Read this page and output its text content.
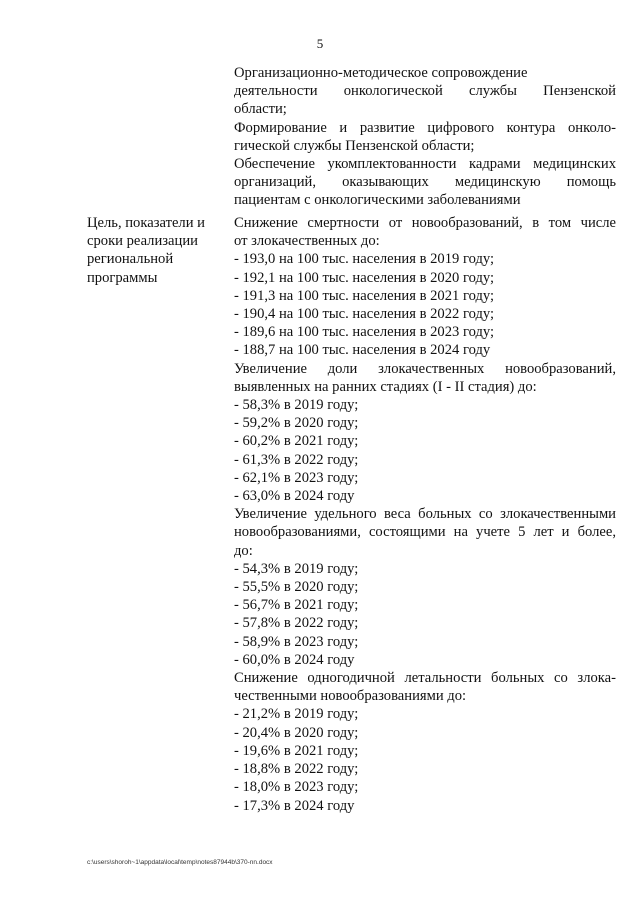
5
Организационно-методическое сопровождение
деятельности онкологической службы Пензенской
области;
Формирование и развитие цифрового контура онколо-
гической службы Пензенской области;
Обеспечение укомплектованности кадрами медицинских
организаций, оказывающих медицинскую помощь
пациентам с онкологическими заболеваниями
Цель, показатели и
сроки реализации
региональной
программы
Снижение смертности от новообразований, в том числе
от злокачественных до:
- 193,0 на 100 тыс. населения в 2019 году;
- 192,1 на 100 тыс. населения в 2020 году;
- 191,3 на 100 тыс. населения в 2021 году;
- 190,4 на 100 тыс. населения в 2022 году;
- 189,6 на 100 тыс. населения в 2023 году;
- 188,7 на 100 тыс. населения в 2024 году
Увеличение доли злокачественных новообразований,
выявленных на ранних стадиях (I - II стадия) до:
- 58,3% в 2019 году;
- 59,2% в 2020 году;
- 60,2% в 2021 году;
- 61,3% в 2022 году;
- 62,1% в 2023 году;
- 63,0% в 2024 году
Увеличение удельного веса больных со злокачественными
новообразованиями, состоящими на учете 5 лет и более,
до:
- 54,3% в 2019 году;
- 55,5% в 2020 году;
- 56,7% в 2021 году;
- 57,8% в 2022 году;
- 58,9% в 2023 году;
- 60,0% в 2024 году
Снижение одногодичной летальности больных со злока-
чественными новообразованиями до:
- 21,2% в 2019 году;
- 20,4% в 2020 году;
- 19,6% в 2021 году;
- 18,8% в 2022 году;
- 18,0% в 2023 году;
- 17,3% в 2024 году
c:\users\shoroh~1\appdata\local\temp\notes87944b\370-nn.docx
